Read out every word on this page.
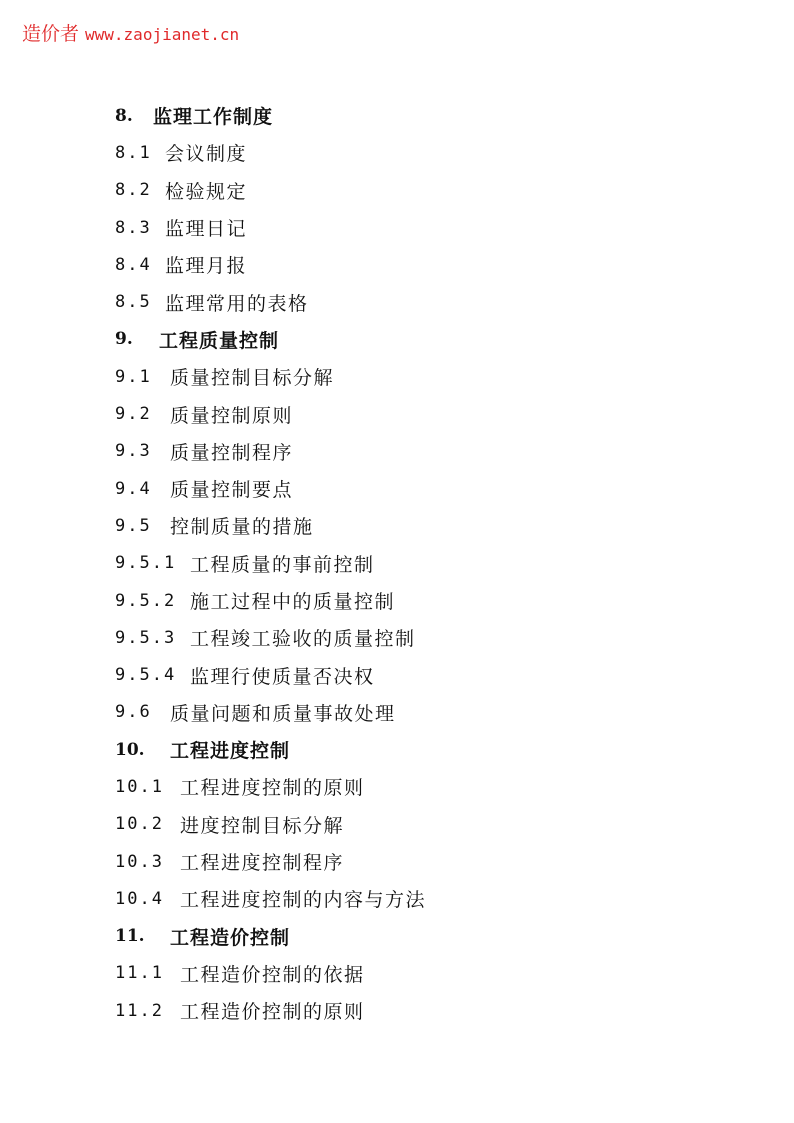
造价者 www.zaojianet.cn
8.	监理工作制度
8.1 会议制度
8.2 检验规定
8.3 监理日记
8.4 监理月报
8.5 监理常用的表格
9.	工程质量控制
9.1 质量控制目标分解
9.2 质量控制原则
9.3 质量控制程序
9.4 质量控制要点
9.5 控制质量的措施
9.5.1 工程质量的事前控制
9.5.2 施工过程中的质量控制
9.5.3 工程竣工验收的质量控制
9.5.4 监理行使质量否决权
9.6 质量问题和质量事故处理
10.	工程进度控制
10.1 工程进度控制的原则
10.2 进度控制目标分解
10.3 工程进度控制程序
10.4 工程进度控制的内容与方法
11.	工程造价控制
11.1 工程造价控制的依据
11.2 工程造价控制的原则
